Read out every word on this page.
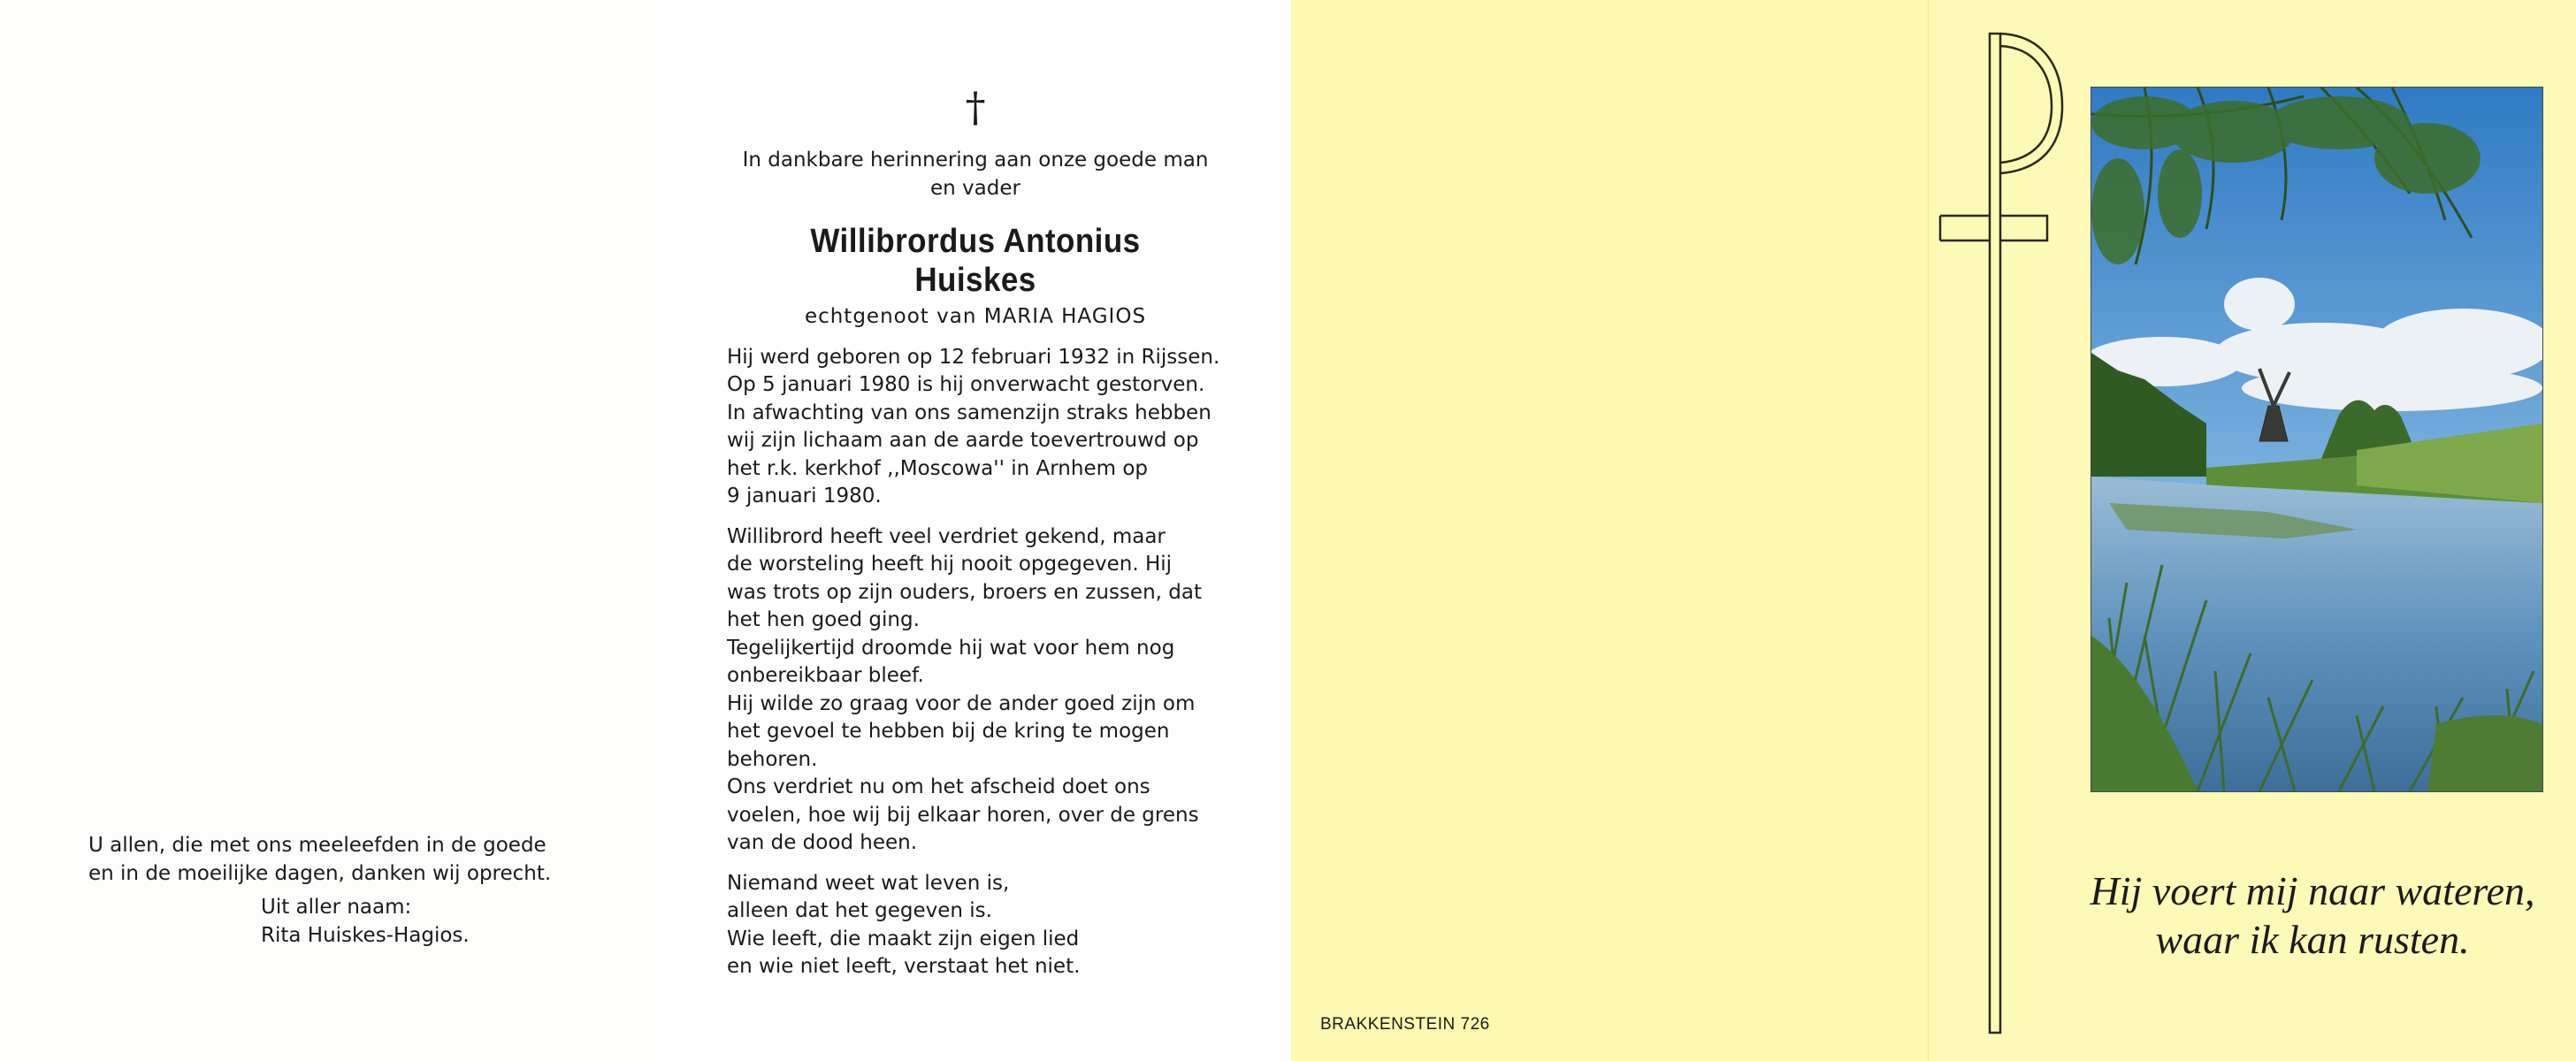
U allen, die met ons meeleefden in de goede

en in de moeilijke dagen, danken wij oprecht.

Uit aller naam:

Rita Huiskes-Hagios.

†

In dankbare herinnering aan onze goede man

en vader

Willibrordus Antonius Huiskes

echtgenoot van MARIA HAGIOS

Hij werd geboren op 12 februari 1932 in Rijssen.
Op 5 januari 1980 is hij onverwacht gestorven.
In afwachting van ons samenzijn straks hebben
wij zijn lichaam aan de aarde toevertrouwd op
het r.k. kerkhof ,,Moscowa'' in Arnhem op
9 januari 1980.

Willibrord heeft veel verdriet gekend, maar
de worsteling heeft hij nooit opgegeven. Hij
was trots op zijn ouders, broers en zussen, dat
het hen goed ging.
Tegelijkertijd droomde hij wat voor hem nog
onbereikbaar bleef.
Hij wilde zo graag voor de ander goed zijn om
het gevoel te hebben bij de kring te mogen
behoren.
Ons verdriet nu om het afscheid doet ons
voelen, hoe wij bij elkaar horen, over de grens
van de dood heen.

Niemand weet wat leven is,
alleen dat het gegeven is.
Wie leeft, die maakt zijn eigen lied
en wie niet leeft, verstaat het niet.

BRAKKENSTEIN 726
Hij voert mij naar wateren,
waar ik kan rusten.
